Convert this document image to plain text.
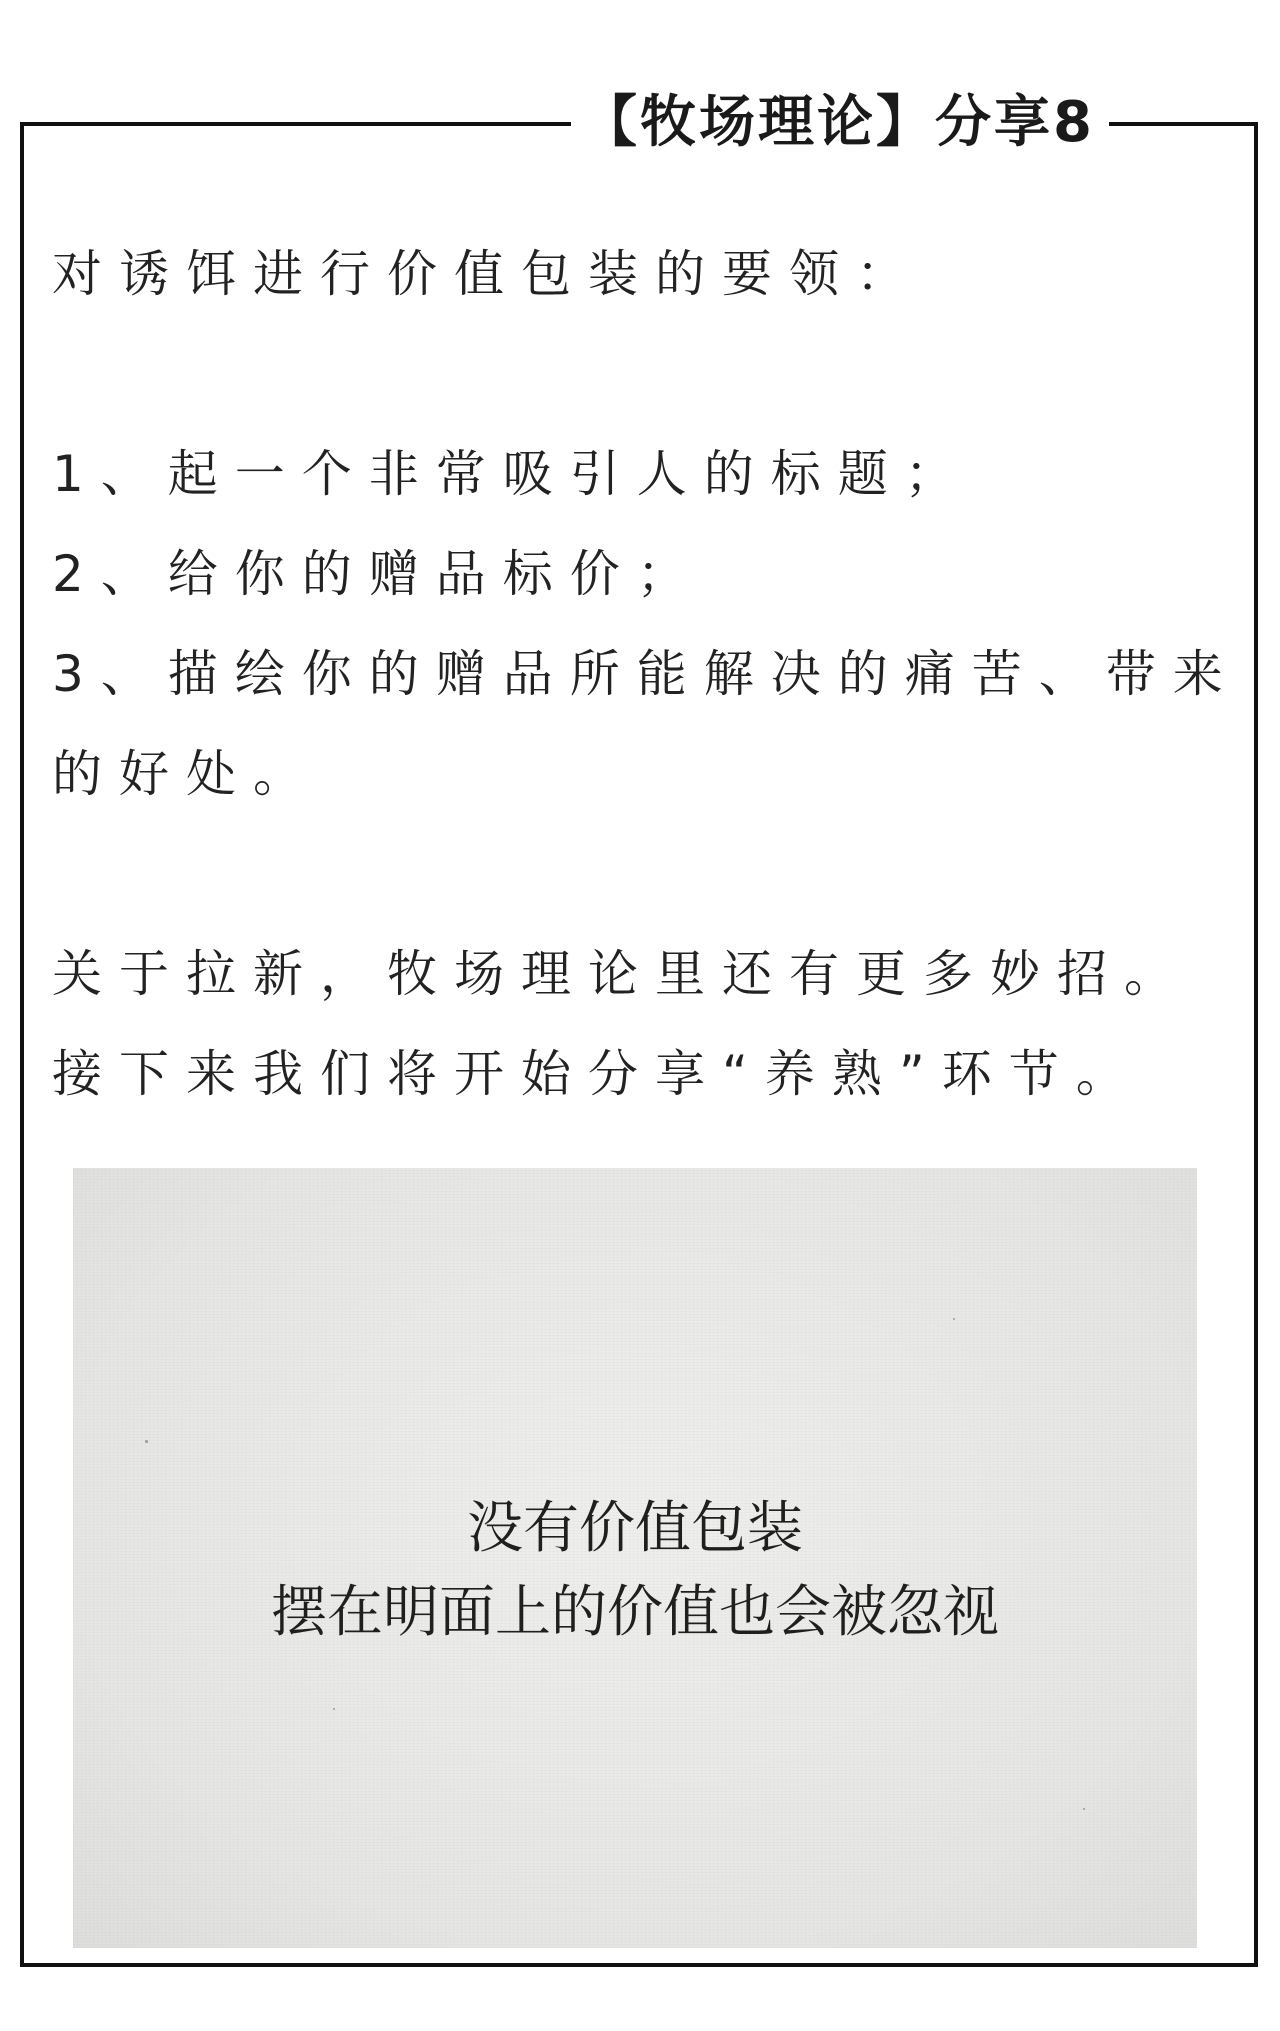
【牧场理论】分享8
对诱饵进行价值包装的要领：
1、起一个非常吸引人的标题；
2、给你的赠品标价；
3、描绘你的赠品所能解决的痛苦、带来
的好处。
关于拉新，牧场理论里还有更多妙招。
接下来我们将开始分享“养熟”环节。
没有价值包装
摆在明面上的价值也会被忽视
